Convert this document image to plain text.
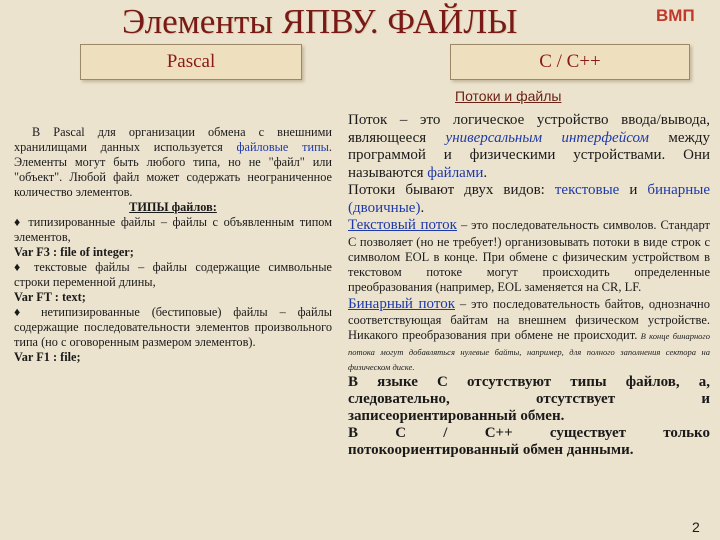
Элементы ЯПВУ. ФАЙЛЫ	ВМП
Pascal	C / C++
Потоки и файлы

В Pascal для организации обмена с внешними хранилищами данных используется файловые типы. Элементы могут быть любого типа, но не "файл" или "объект". Любой файл может содержать неограниченное количество элементов.

ТИПЫ файлов:

♦ типизированные файлы – файлы с объявленным типом элементов,

Var F3 : file of integer;

♦ текстовые файлы – файлы содержащие символьные строки переменной длины,

Var FT : text;

♦ нетипизированные (бестиповые) файлы – файлы содержащие последовательности элементов произвольного типа (но с оговоренным размером элементов).

Var F1 : file;

Поток – это логическое устройство ввода/вывода, являющееся универсальным интерфейсом между программой и физическими устройствами. Они называются файлами.

Потоки бывают двух видов: текстовые и бинарные (двоичные).

Текстовый поток – это последовательность символов. Стандарт С позволяет (но не требует!) организовывать потоки в виде строк с символом EOL в конце. При обмене с физическим устройством в текстовом потоке могут происходить определенные преобразования (например, EOL заменяется на CR, LF.

Бинарный поток – это последовательность байтов, однозначно соответствующая байтам на внешнем физическом устройстве. Никакого преобразования при обмене не происходит. В конце бинарного потока могут добавляться нулевые байты, например, для полного заполнения сектора на физическом диске.

В языке С отсутствуют типы файлов, а, следовательно, отсутствует и записеориентированный обмен.

В С / С++ существует только потокоориентированный обмен данными.

2
